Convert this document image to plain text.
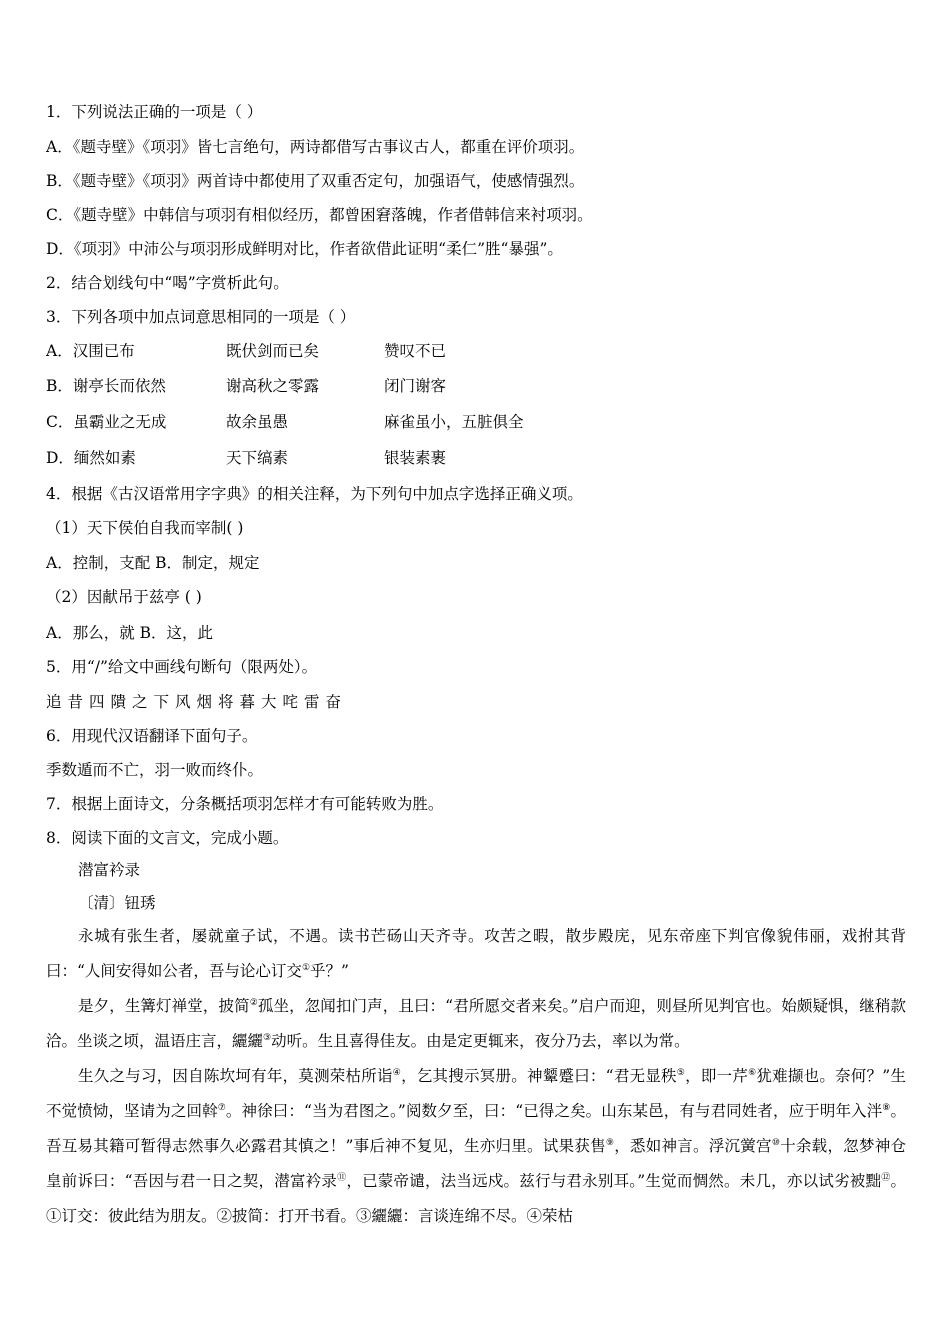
1．下列说法正确的一项是（ ）
A．《题寺壁》《项羽》皆七言绝句，两诗都借写古事议古人，都重在评价项羽。
B．《题寺壁》《项羽》两首诗中都使用了双重否定句，加强语气，使感情强烈。
C．《题寺壁》中韩信与项羽有相似经历，都曾困窘落魄，作者借韩信来衬项羽。
D．《项羽》中沛公与项羽形成鲜明对比，作者欲借此证明“柔仁”胜“暴强”。
2．结合划线句中“喝”字赏析此句。
3．下列各项中加点词意思相同的一项是（ ）
A．汉围已布	既伏剑而已矣	赞叹不已
B．谢亭长而依然	谢高秋之零露	闭门谢客
C．虽霸业之无成	故余虽愚	麻雀虽小，五脏俱全
D．缅然如素	天下缟素	银装素裹
4．根据《古汉语常用字字典》的相关注释，为下列句中加点字选择正确义项。
（1）天下侯伯自我而宰制( )
A．控制，支配 B．制定，规定
（2）因献吊于兹亭 ( )
A．那么，就 B．这，此
5．用“/”给文中画线句断句（限两处）。
追昔四隤之下风烟将暮大咤雷奋
6．用现代汉语翻译下面句子。
季数遁而不亡，羽一败而终仆。
7．根据上面诗文，分条概括项羽怎样才有可能转败为胜。
8．阅读下面的文言文，完成小题。
潜富衿录
〔清〕钮琇
永城有张生者，屡就童子试，不遇。读书芒砀山天齐寺。攻苦之暇，散步殿庑，见东帝座下判官像貌伟丽，戏拊其背曰：“人间安得如公者，吾与论心订交①乎？”
是夕，生篝灯禅堂，披简②孤坐，忽闻扣门声，且曰：“君所愿交者来矣。”启户而迎，则昼所见判官也。始颇疑惧，继稍款洽。坐谈之顷，温语庄言，纚纚③动听。生且喜得佳友。由是定更辄来，夜分乃去，率以为常。
生久之与习，因自陈坎坷有年，莫测荣枯所诣④，乞其搜示冥册。神颦蹙曰：“君无显秩⑤，即一芹⑥犹难撷也。奈何？”生不觉愤恸，坚请为之回斡⑦。神徐曰：“当为君图之。”阅数夕至，曰：“已得之矣。山东某邑，有与君同姓者，应于明年入泮⑧。吾互易其籍可暂得志然事久必露君其慎之！”事后神不复见，生亦归里。试果获售⑨，悉如神言。浮沉黉宫⑩十余载，忽梦神仓皇前诉曰：“吾因与君一日之契，潜富衿录⑪，已蒙帝谴，法当远戍。兹行与君永别耳。”生觉而惆然。未几，亦以试劣被黜⑫。①订交：彼此结为朋友。②披简：打开书看。③纚纚：言谈连绵不尽。④荣枯
